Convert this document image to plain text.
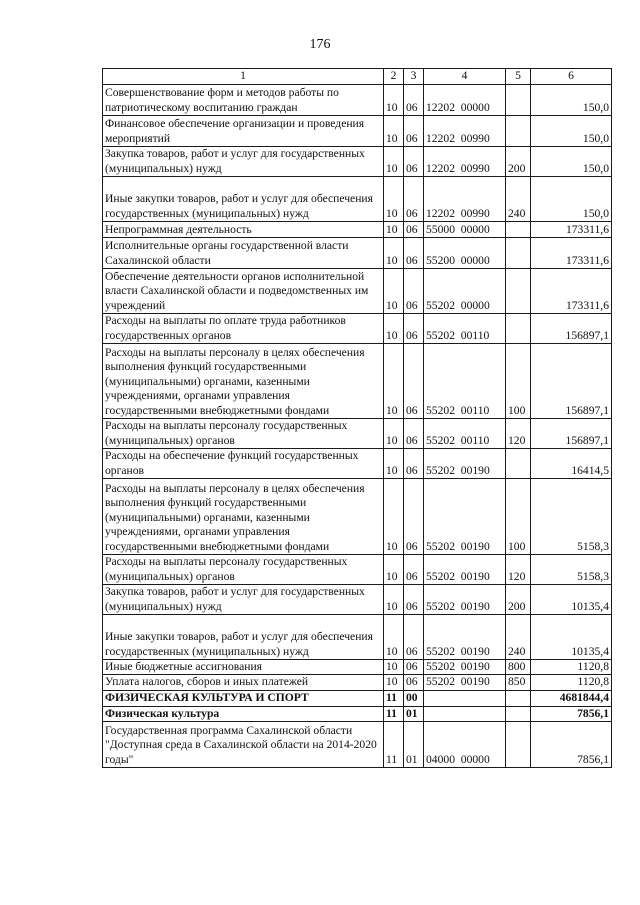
176
1	2	3	4	5	6
Совершенствование форм и методов работы по патриотическому воспитанию граждан	10	06	12202  00000		150,0
Финансовое обеспечение организации и проведения мероприятий	10	06	12202  00990		150,0
Закупка товаров, работ и услуг для государственных (муниципальных) нужд	10	06	12202  00990	200	150,0
Иные закупки товаров, работ и услуг для обеспечения государственных (муниципальных) нужд	10	06	12202  00990	240	150,0
Непрограммная деятельность	10	06	55000  00000		173311,6
Исполнительные органы государственной власти Сахалинской области	10	06	55200  00000		173311,6
Обеспечение деятельности органов исполнительной власти Сахалинской области и подведомственных им учреждений	10	06	55202  00000		173311,6
Расходы на выплаты по оплате труда работников государственных органов	10	06	55202  00110		156897,1
Расходы на выплаты персоналу в целях обеспечения выполнения функций государственными (муниципальными) органами, казенными учреждениями, органами управления государственными внебюджетными фондами	10	06	55202  00110	100	156897,1
Расходы на выплаты персоналу государственных (муниципальных) органов	10	06	55202  00110	120	156897,1
Расходы на обеспечение функций государственных органов	10	06	55202  00190		16414,5
Расходы на выплаты персоналу в целях обеспечения выполнения функций государственными (муниципальными) органами, казенными учреждениями, органами управления государственными внебюджетными фондами	10	06	55202  00190	100	5158,3
Расходы на выплаты персоналу государственных (муниципальных) органов	10	06	55202  00190	120	5158,3
Закупка товаров, работ и услуг для государственных (муниципальных) нужд	10	06	55202  00190	200	10135,4
Иные закупки товаров, работ и услуг для обеспечения государственных (муниципальных) нужд	10	06	55202  00190	240	10135,4
Иные бюджетные ассигнования	10	06	55202  00190	800	1120,8
Уплата налогов, сборов и иных платежей	10	06	55202  00190	850	1120,8
ФИЗИЧЕСКАЯ КУЛЬТУРА И СПОРТ	11	00			4681844,4
Физическая культура	11	01			7856,1
Государственная программа Сахалинской области "Доступная среда в Сахалинской области на 2014-2020 годы"	11	01	04000  00000		7856,1
